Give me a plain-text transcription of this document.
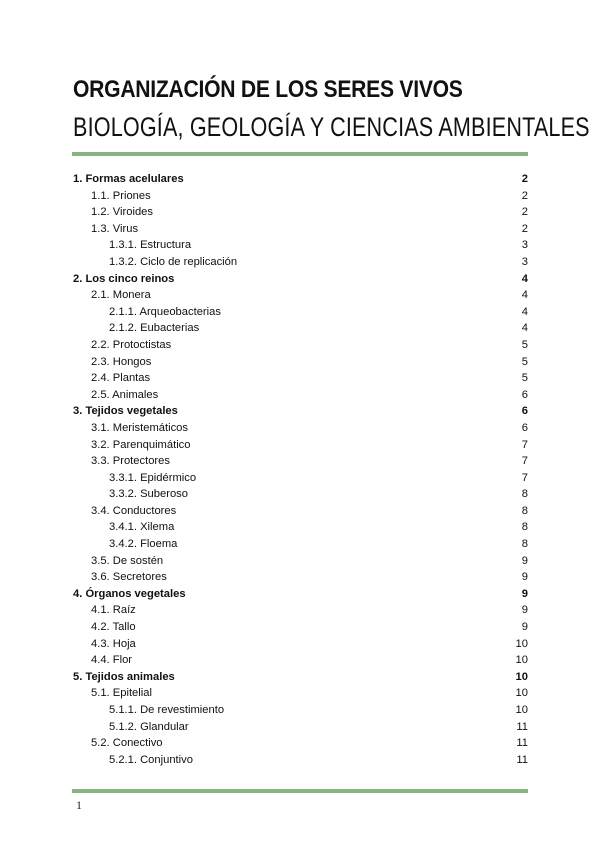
ORGANIZACIÓN DE LOS SERES VIVOS
BIOLOGÍA, GEOLOGÍA Y CIENCIAS AMBIENTALES
1. Formas acelulares	2
1.1. Priones	2
1.2. Viroides	2
1.3. Virus	2
1.3.1. Estructura	3
1.3.2. Ciclo de replicación	3
2. Los cinco reinos	4
2.1. Monera	4
2.1.1. Arqueobacterias	4
2.1.2. Eubacterias	4
2.2. Protoctistas	5
2.3. Hongos	5
2.4. Plantas	5
2.5. Animales	6
3. Tejidos vegetales	6
3.1. Meristemáticos	6
3.2. Parenquimático	7
3.3. Protectores	7
3.3.1. Epidérmico	7
3.3.2. Suberoso	8
3.4. Conductores	8
3.4.1. Xilema	8
3.4.2. Floema	8
3.5. De sostén	9
3.6. Secretores	9
4. Órganos vegetales	9
4.1. Raíz	9
4.2. Tallo	9
4.3. Hoja	10
4.4. Flor	10
5. Tejidos animales	10
5.1. Epitelial	10
5.1.1. De revestimiento	10
5.1.2. Glandular	11
5.2. Conectivo	11
5.2.1. Conjuntivo	11
1
